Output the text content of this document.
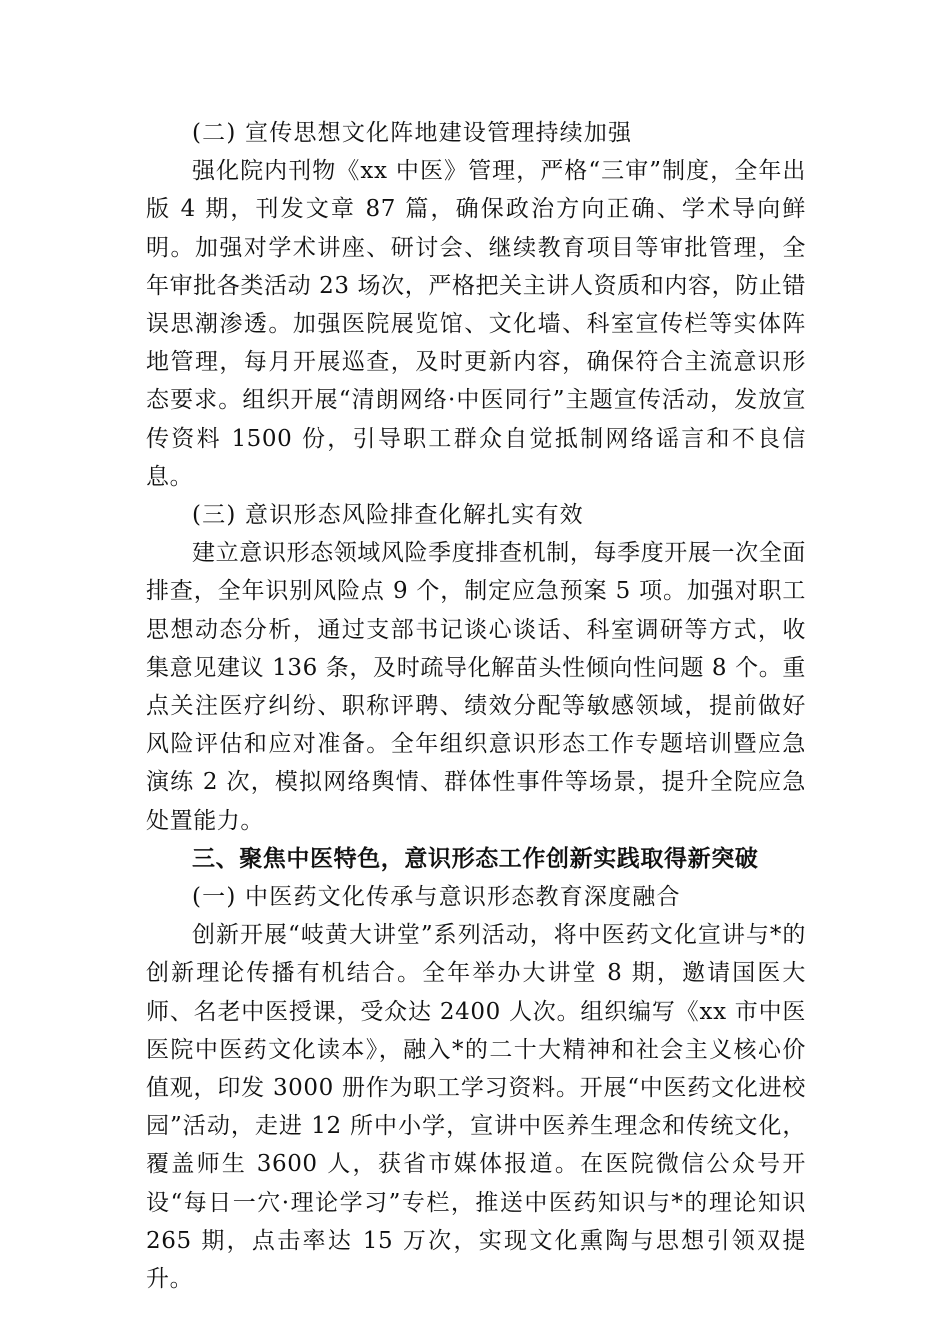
(二) 宣传思想文化阵地建设管理持续加强

强化院内刊物《xx 中医》管理，严格“三审”制度，全年出版 4 期，刊发文章 87 篇，确保政治方向正确、学术导向鲜明。加强对学术讲座、研讨会、继续教育项目等审批管理，全年审批各类活动 23 场次，严格把关主讲人资质和内容，防止错误思潮渗透。加强医院展览馆、文化墙、科室宣传栏等实体阵地管理，每月开展巡查，及时更新内容，确保符合主流意识形态要求。组织开展“清朗网络·中医同行”主题宣传活动，发放宣传资料 1500 份，引导职工群众自觉抵制网络谣言和不良信息。

(三) 意识形态风险排查化解扎实有效

建立意识形态领域风险季度排查机制，每季度开展一次全面排查，全年识别风险点 9 个，制定应急预案 5 项。加强对职工思想动态分析，通过支部书记谈心谈话、科室调研等方式，收集意见建议 136 条，及时疏导化解苗头性倾向性问题 8 个。重点关注医疗纠纷、职称评聘、绩效分配等敏感领域，提前做好风险评估和应对准备。全年组织意识形态工作专题培训暨应急演练 2 次，模拟网络舆情、群体性事件等场景，提升全院应急处置能力。

三、聚焦中医特色，意识形态工作创新实践取得新突破

(一) 中医药文化传承与意识形态教育深度融合

创新开展“岐黄大讲堂”系列活动，将中医药文化宣讲与*的创新理论传播有机结合。全年举办大讲堂 8 期，邀请国医大师、名老中医授课，受众达 2400 人次。组织编写《xx 市中医医院中医药文化读本》，融入*的二十大精神和社会主义核心价值观，印发 3000 册作为职工学习资料。开展“中医药文化进校园”活动，走进 12 所中小学，宣讲中医养生理念和传统文化，覆盖师生 3600 人，获省市媒体报道。在医院微信公众号开设“每日一穴·理论学习”专栏，推送中医药知识与*的理论知识 265 期，点击率达 15 万次，实现文化熏陶与思想引领双提升。
